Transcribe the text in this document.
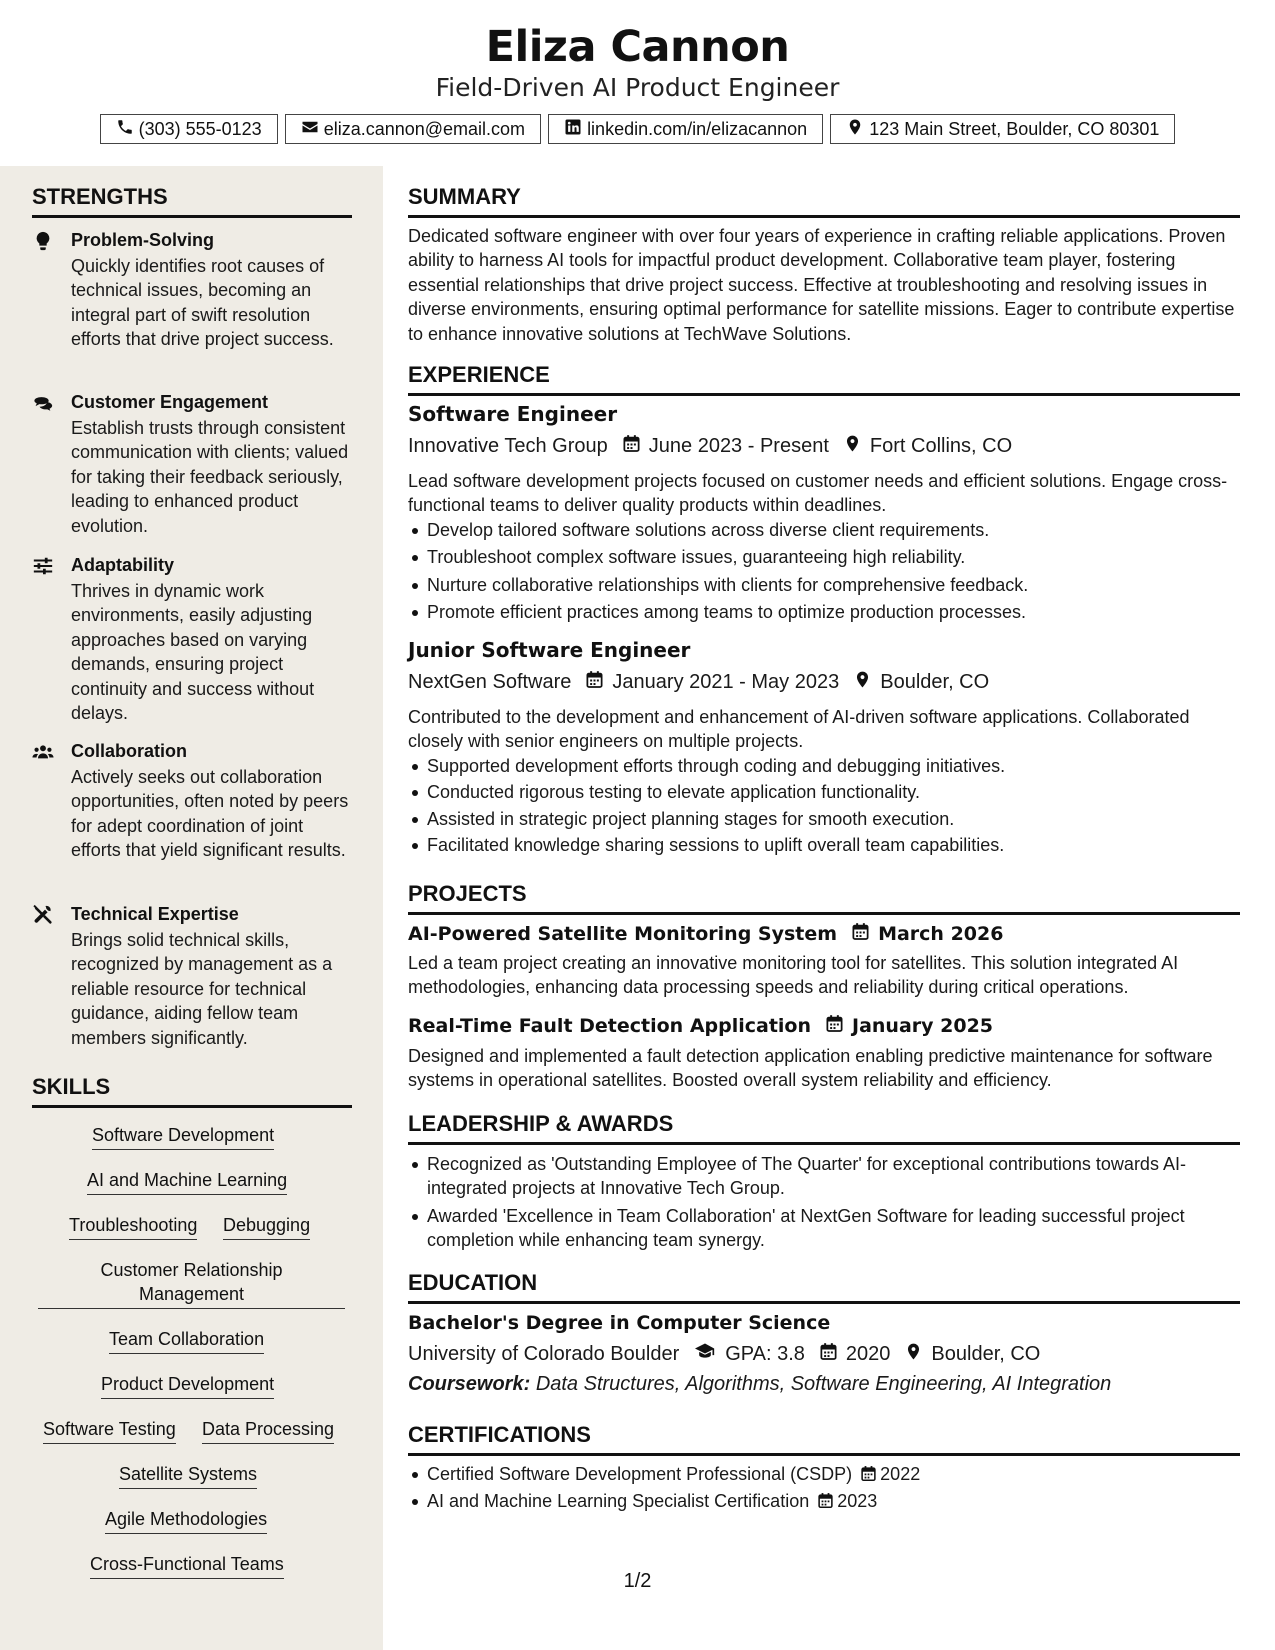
Eliza Cannon
Field-Driven AI Product Engineer
(303) 555-0123	eliza.cannon@email.com	linkedin.com/in/elizacannon	123 Main Street, Boulder, CO 80301
STRENGTHS
Problem-Solving
Quickly identifies root causes of technical issues, becoming an integral part of swift resolution efforts that drive project success.
Customer Engagement
Establish trusts through consistent communication with clients; valued for taking their feedback seriously, leading to enhanced product evolution.
Adaptability
Thrives in dynamic work environments, easily adjusting approaches based on varying demands, ensuring project continuity and success without delays.
Collaboration
Actively seeks out collaboration opportunities, often noted by peers for adept coordination of joint efforts that yield significant results.
Technical Expertise
Brings solid technical skills, recognized by management as a reliable resource for technical guidance, aiding fellow team members significantly.
SKILLS
Software Development
AI and Machine Learning
Troubleshooting Debugging
Customer Relationship Management
Team Collaboration
Product Development
Software Testing Data Processing
Satellite Systems
Agile Methodologies
Cross-Functional Teams
SUMMARY
Dedicated software engineer with over four years of experience in crafting reliable applications. Proven ability to harness AI tools for impactful product development. Collaborative team player, fostering essential relationships that drive project success. Effective at troubleshooting and resolving issues in diverse environments, ensuring optimal performance for satellite missions. Eager to contribute expertise to enhance innovative solutions at TechWave Solutions.
EXPERIENCE
Software Engineer
Innovative Tech Group June 2023 - Present Fort Collins, CO
Lead software development projects focused on customer needs and efficient solutions. Engage cross-functional teams to deliver quality products within deadlines.
Develop tailored software solutions across diverse client requirements.
Troubleshoot complex software issues, guaranteeing high reliability.
Nurture collaborative relationships with clients for comprehensive feedback.
Promote efficient practices among teams to optimize production processes.
Junior Software Engineer
NextGen Software January 2021 - May 2023 Boulder, CO
Contributed to the development and enhancement of AI-driven software applications. Collaborated closely with senior engineers on multiple projects.
Supported development efforts through coding and debugging initiatives.
Conducted rigorous testing to elevate application functionality.
Assisted in strategic project planning stages for smooth execution.
Facilitated knowledge sharing sessions to uplift overall team capabilities.
PROJECTS
AI-Powered Satellite Monitoring System March 2026
Led a team project creating an innovative monitoring tool for satellites. This solution integrated AI methodologies, enhancing data processing speeds and reliability during critical operations.
Real-Time Fault Detection Application January 2025
Designed and implemented a fault detection application enabling predictive maintenance for software systems in operational satellites. Boosted overall system reliability and efficiency.
LEADERSHIP & AWARDS
Recognized as 'Outstanding Employee of The Quarter' for exceptional contributions towards AI-integrated projects at Innovative Tech Group.
Awarded 'Excellence in Team Collaboration' at NextGen Software for leading successful project completion while enhancing team synergy.
EDUCATION
Bachelor's Degree in Computer Science
University of Colorado Boulder GPA: 3.8 2020 Boulder, CO
Coursework: Data Structures, Algorithms, Software Engineering, AI Integration
CERTIFICATIONS
Certified Software Development Professional (CSDP) 2022
AI and Machine Learning Specialist Certification 2023
1/2
